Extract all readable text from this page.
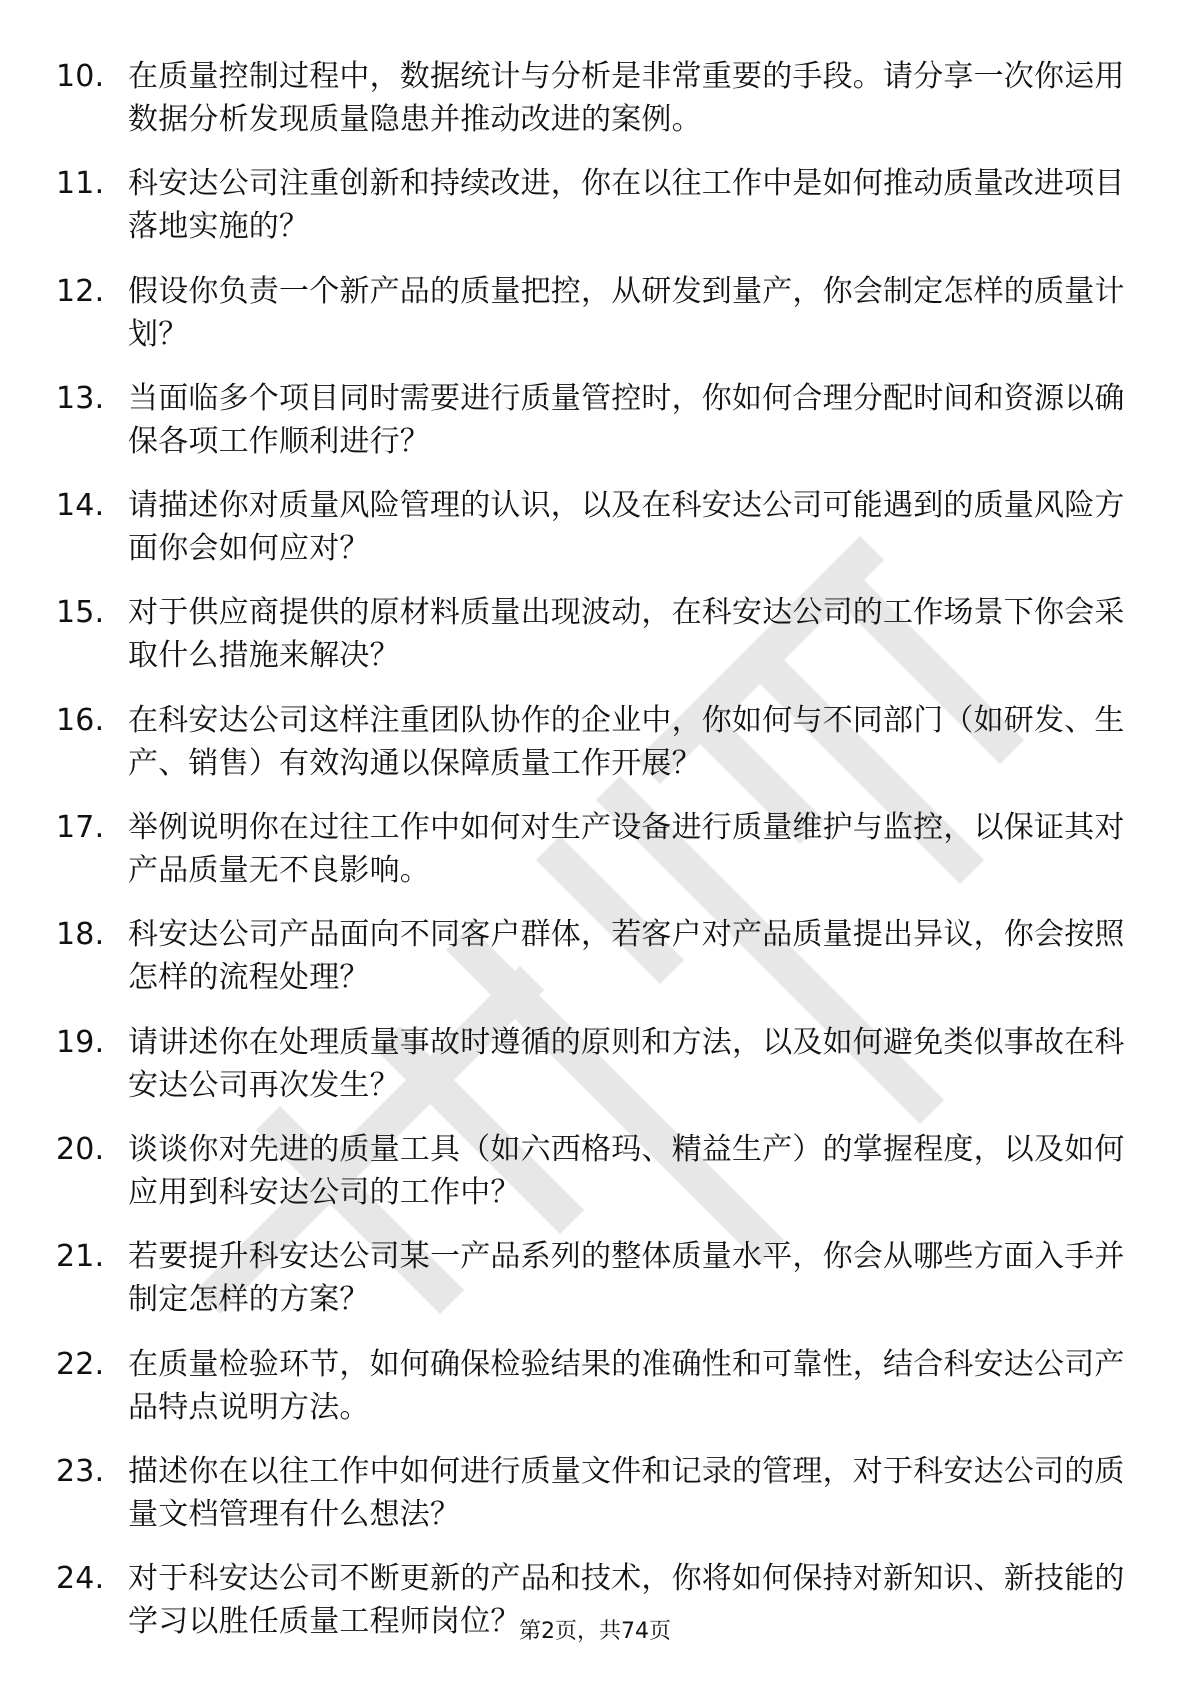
10. 在质量控制过程中，数据统计与分析是非常重要的手段。请分享一次你运用数据分析发现质量隐患并推动改进的案例。
11. 科安达公司注重创新和持续改进，你在以往工作中是如何推动质量改进项目落地实施的？
12. 假设你负责一个新产品的质量把控，从研发到量产，你会制定怎样的质量计划？
13. 当面临多个项目同时需要进行质量管控时，你如何合理分配时间和资源以确保各项工作顺利进行？
14. 请描述你对质量风险管理的认识，以及在科安达公司可能遇到的质量风险方面你会如何应对？
15. 对于供应商提供的原材料质量出现波动，在科安达公司的工作场景下你会采取什么措施来解决？
16. 在科安达公司这样注重团队协作的企业中，你如何与不同部门（如研发、生产、销售）有效沟通以保障质量工作开展？
17. 举例说明你在过往工作中如何对生产设备进行质量维护与监控，以保证其对产品质量无不良影响。
18. 科安达公司产品面向不同客户群体，若客户对产品质量提出异议，你会按照怎样的流程处理？
19. 请讲述你在处理质量事故时遵循的原则和方法，以及如何避免类似事故在科安达公司再次发生？
20. 谈谈你对先进的质量工具（如六西格玛、精益生产）的掌握程度，以及如何应用到科安达公司的工作中？
21. 若要提升科安达公司某一产品系列的整体质量水平，你会从哪些方面入手并制定怎样的方案？
22. 在质量检验环节，如何确保检验结果的准确性和可靠性，结合科安达公司产品特点说明方法。
23. 描述你在以往工作中如何进行质量文件和记录的管理，对于科安达公司的质量文档管理有什么想法？
24. 对于科安达公司不断更新的产品和技术，你将如何保持对新知识、新技能的学习以胜任质量工程师岗位？
第2页，共74页
